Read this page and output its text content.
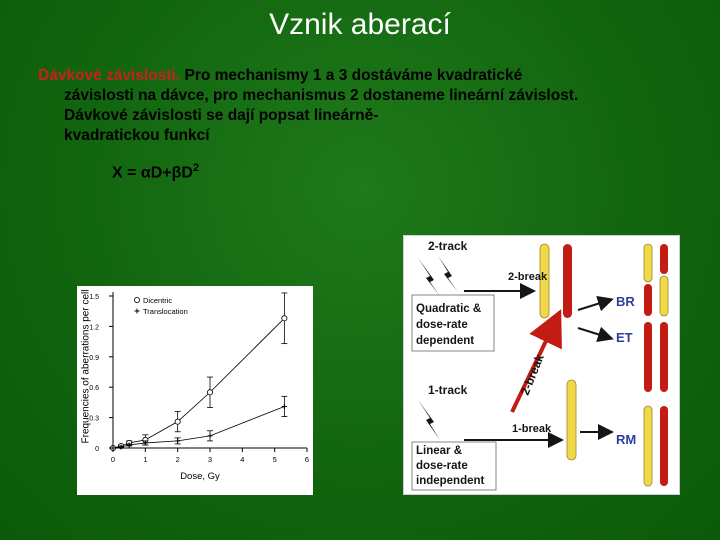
Vznik aberací
Dávkové závislosti. Pro mechanismy 1 a 3 dostáváme kvadratické
závislosti na dávce, pro mechanismus 2 dostaneme lineární závislost.
Dávkové závislosti se dají popsat lineárně-
kvadratickou funkcí
$X = \alpha D+\beta D^2$
0	1	2	3	4	5	6
0
0.3
0.6
0.9
1.2
1.5
Dose, Gy
Dicentric
Translocation
Frequencies of aberrations per cell
2-track
2-break
Quadratic &
dose-rate
dependent
BR
ET
2-break
1-track
1-break
RM
Linear &
dose-rate
independent
